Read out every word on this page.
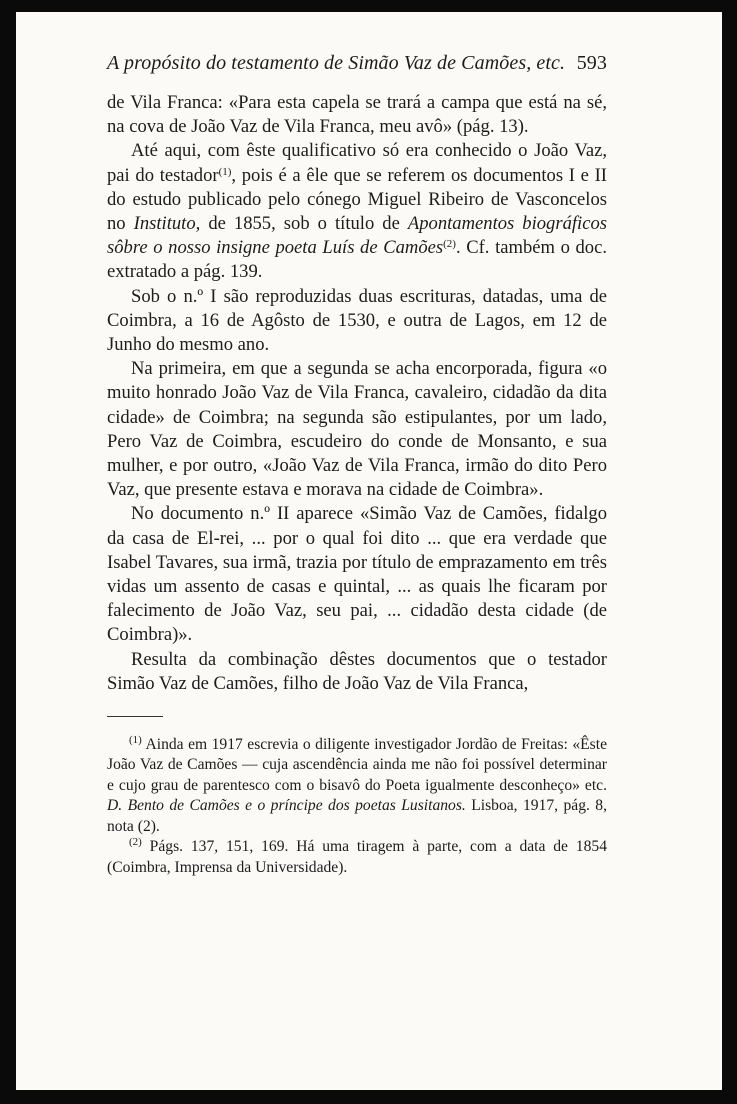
A propósito do testamento de Simão Vaz de Camões, etc. 593

de Vila Franca: «Para esta capela se trará a campa que está na sé, na cova de João Vaz de Vila Franca, meu avô» (pág. 13).

Até aqui, com êste qualificativo só era conhecido o João Vaz, pai do testador$^{(1)}$, pois é a êle que se referem os documentos I e II do estudo publicado pelo cónego Miguel Ribeiro de Vasconcelos no Instituto, de 1855, sob o título de Apontamentos biográficos sôbre o nosso insigne poeta Luís de Camões$^{(2)}$. Cf. também o doc. extratado a pág. 139.

Sob o n.º I são reproduzidas duas escrituras, datadas, uma de Coimbra, a 16 de Agôsto de 1530, e outra de Lagos, em 12 de Junho do mesmo ano.

Na primeira, em que a segunda se acha encorporada, figura «o muito honrado João Vaz de Vila Franca, cavaleiro, cidadão da dita cidade» de Coimbra; na segunda são estipulantes, por um lado, Pero Vaz de Coimbra, escudeiro do conde de Monsanto, e sua mulher, e por outro, «João Vaz de Vila Franca, irmão do dito Pero Vaz, que presente estava e morava na cidade de Coimbra».

No documento n.º II aparece «Simão Vaz de Camões, fidalgo da casa de El-rei, ... por o qual foi dito ... que era verdade que Isabel Tavares, sua irmã, trazia por título de emprazamento em três vidas um assento de casas e quintal, ... as quais lhe ficaram por falecimento de João Vaz, seu pai, ... cidadão desta cidade (de Coimbra)».

Resulta da combinação dêstes documentos que o testador Simão Vaz de Camões, filho de João Vaz de Vila Franca,

$^{(1)}$ Ainda em 1917 escrevia o diligente investigador Jordão de Freitas: «Êste João Vaz de Camões — cuja ascendência ainda me não foi possível determinar e cujo grau de parentesco com o bisavô do Poeta igualmente desconheço» etc. D. Bento de Camões e o príncipe dos poetas Lusitanos. Lisboa, 1917, pág. 8, nota (2).

$^{(2)}$ Págs. 137, 151, 169. Há uma tiragem à parte, com a data de 1854 (Coimbra, Imprensa da Universidade).
